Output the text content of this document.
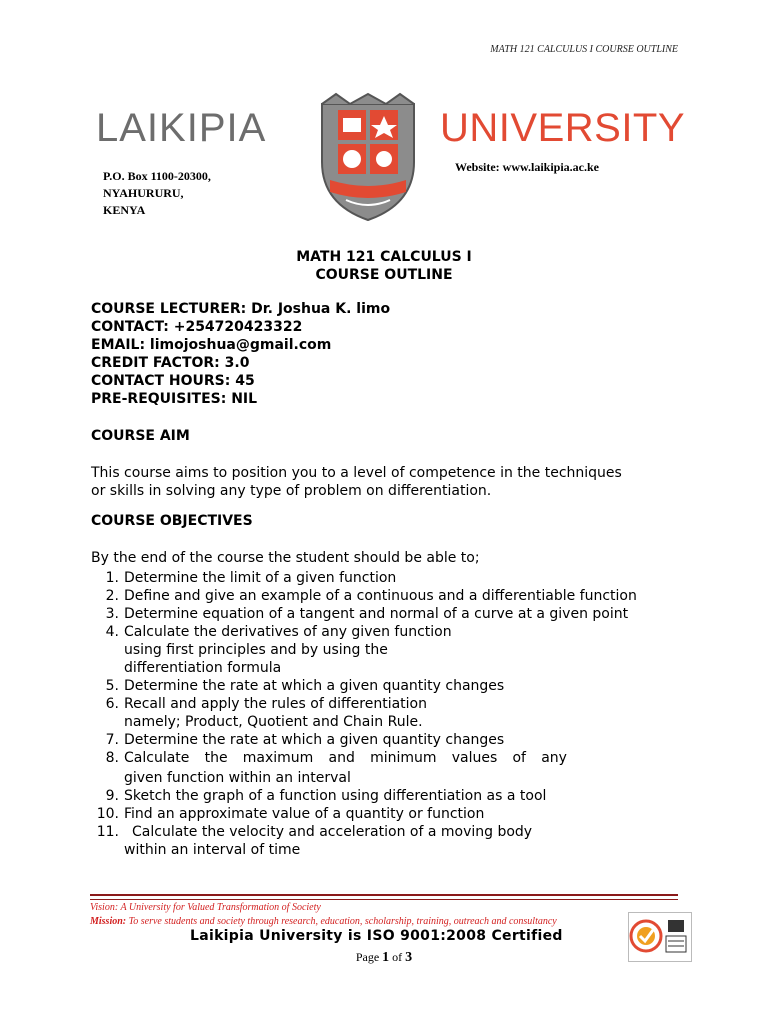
MATH 121 CALCULUS I COURSE OUTLINE
LAIKIPIA	UNIVERSITY
P.O. Box 1100-20300,
NYAHURURU,
KENYA
Website: www.laikipia.ac.ke
MATH 121 CALCULUS I
COURSE OUTLINE
COURSE LECTURER: Dr. Joshua K. limo
CONTACT: +254720423322
EMAIL: limojoshua@gmail.com
CREDIT FACTOR: 3.0
CONTACT HOURS: 45
PRE-REQUISITES: NIL
COURSE AIM
This course aims to position you to a level of competence in the techniques
or skills in solving any type of problem on differentiation.
COURSE OBJECTIVES
By the end of the course the student should be able to;
1. Determine the limit of a given function
2. Define and give an example of a continuous and a differentiable function
3. Determine equation of a tangent and normal of a curve at a given point
4. Calculate the derivatives of any given function
using first principles and by using the
differentiation formula
5. Determine the rate at which a given quantity changes
6. Recall and apply the rules of differentiation
namely; Product, Quotient and Chain Rule.
7. Determine the rate at which a given quantity changes
8. Calculate the maximum and minimum values of any
given function within an interval
9. Sketch the graph of a function using differentiation as a tool
10. Find an approximate value of a quantity or function
11. Calculate the velocity and acceleration of a moving body
within an interval of time
Vision: A University for Valued Transformation of Society
Mission: To serve students and society through research, education, scholarship, training, outreach and consultancy
Laikipia University is ISO 9001:2008 Certified
Page 1 of 3
